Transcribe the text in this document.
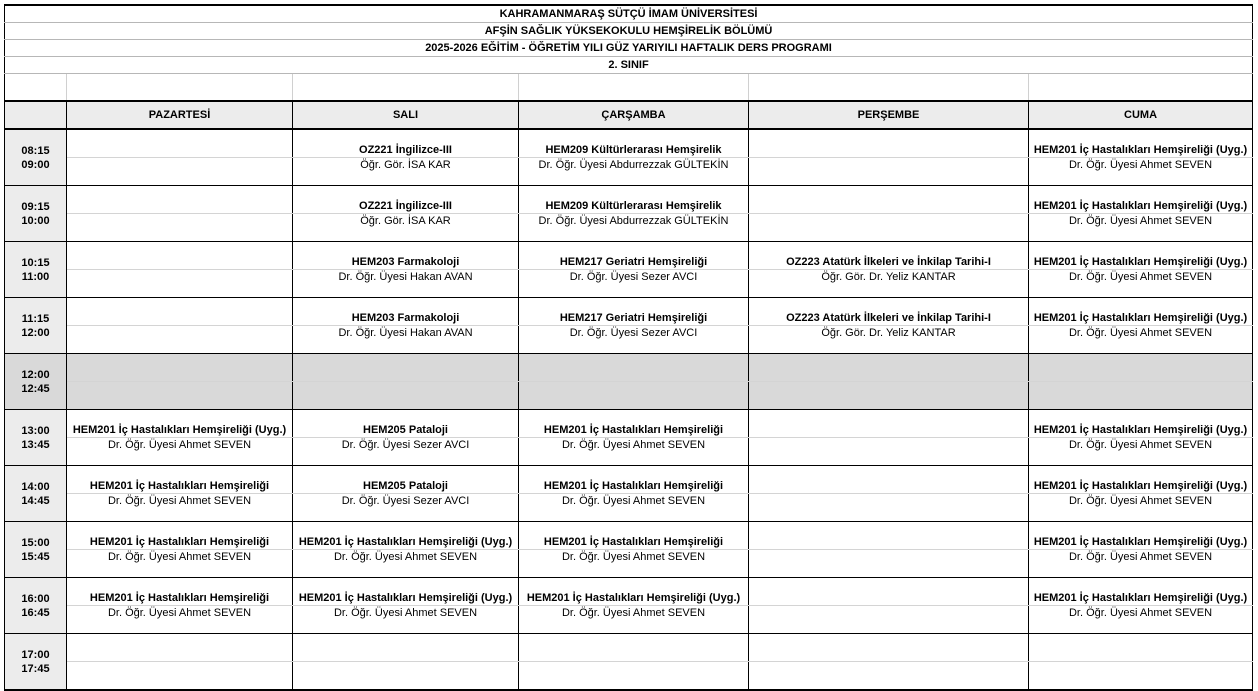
KAHRAMANMARAŞ SÜTÇÜ İMAM ÜNİVERSİTESİ					
AFŞİN SAĞLIK YÜKSEKOKULU HEMŞİRELİK BÖLÜMÜ					
2025-2026 EĞİTİM - ÖĞRETİM YILI GÜZ YARIYILI HAFTALIK DERS PROGRAMI					
2. SINIF					

	PAZARTESİ	SALI	ÇARŞAMBA	PERŞEMBE	CUMA
08:15		OZ221 İngilizce-III	HEM209 Kültürlerarası Hemşirelik		HEM201 İç Hastalıkları Hemşireliği (Uyg.)
09:00		Öğr. Gör. İSA KAR	Dr. Öğr. Üyesi Abdurrezzak GÜLTEKİN		Dr. Öğr. Üyesi Ahmet SEVEN
09:15		OZ221 İngilizce-III	HEM209 Kültürlerarası Hemşirelik		HEM201 İç Hastalıkları Hemşireliği (Uyg.)
10:00		Öğr. Gör. İSA KAR	Dr. Öğr. Üyesi Abdurrezzak GÜLTEKİN		Dr. Öğr. Üyesi Ahmet SEVEN
10:15		HEM203 Farmakoloji	HEM217 Geriatri Hemşireliği	OZ223 Atatürk İlkeleri ve İnkilap Tarihi-I	HEM201 İç Hastalıkları Hemşireliği (Uyg.)
11:00		Dr. Öğr. Üyesi Hakan AVAN	Dr. Öğr. Üyesi Sezer AVCI	Öğr. Gör. Dr. Yeliz KANTAR	Dr. Öğr. Üyesi Ahmet SEVEN
11:15		HEM203 Farmakoloji	HEM217 Geriatri Hemşireliği	OZ223 Atatürk İlkeleri ve İnkilap Tarihi-I	HEM201 İç Hastalıkları Hemşireliği (Uyg.)
12:00		Dr. Öğr. Üyesi Hakan AVAN	Dr. Öğr. Üyesi Sezer AVCI	Öğr. Gör. Dr. Yeliz KANTAR	Dr. Öğr. Üyesi Ahmet SEVEN
12:00					
12:45					
13:00	HEM201 İç Hastalıkları Hemşireliği (Uyg.)	HEM205 Pataloji	HEM201 İç Hastalıkları Hemşireliği		HEM201 İç Hastalıkları Hemşireliği (Uyg.)
13:45	Dr. Öğr. Üyesi Ahmet SEVEN	Dr. Öğr. Üyesi Sezer AVCI	Dr. Öğr. Üyesi Ahmet SEVEN		Dr. Öğr. Üyesi Ahmet SEVEN
14:00	HEM201 İç Hastalıkları Hemşireliği	HEM205 Pataloji	HEM201 İç Hastalıkları Hemşireliği		HEM201 İç Hastalıkları Hemşireliği (Uyg.)
14:45	Dr. Öğr. Üyesi Ahmet SEVEN	Dr. Öğr. Üyesi Sezer AVCI	Dr. Öğr. Üyesi Ahmet SEVEN		Dr. Öğr. Üyesi Ahmet SEVEN
15:00	HEM201 İç Hastalıkları Hemşireliği	HEM201 İç Hastalıkları Hemşireliği (Uyg.)	HEM201 İç Hastalıkları Hemşireliği		HEM201 İç Hastalıkları Hemşireliği (Uyg.)
15:45	Dr. Öğr. Üyesi Ahmet SEVEN	Dr. Öğr. Üyesi Ahmet SEVEN	Dr. Öğr. Üyesi Ahmet SEVEN		Dr. Öğr. Üyesi Ahmet SEVEN
16:00	HEM201 İç Hastalıkları Hemşireliği	HEM201 İç Hastalıkları Hemşireliği (Uyg.)	HEM201 İç Hastalıkları Hemşireliği (Uyg.)		HEM201 İç Hastalıkları Hemşireliği (Uyg.)
16:45	Dr. Öğr. Üyesi Ahmet SEVEN	Dr. Öğr. Üyesi Ahmet SEVEN	Dr. Öğr. Üyesi Ahmet SEVEN		Dr. Öğr. Üyesi Ahmet SEVEN
17:00					
17:45					
